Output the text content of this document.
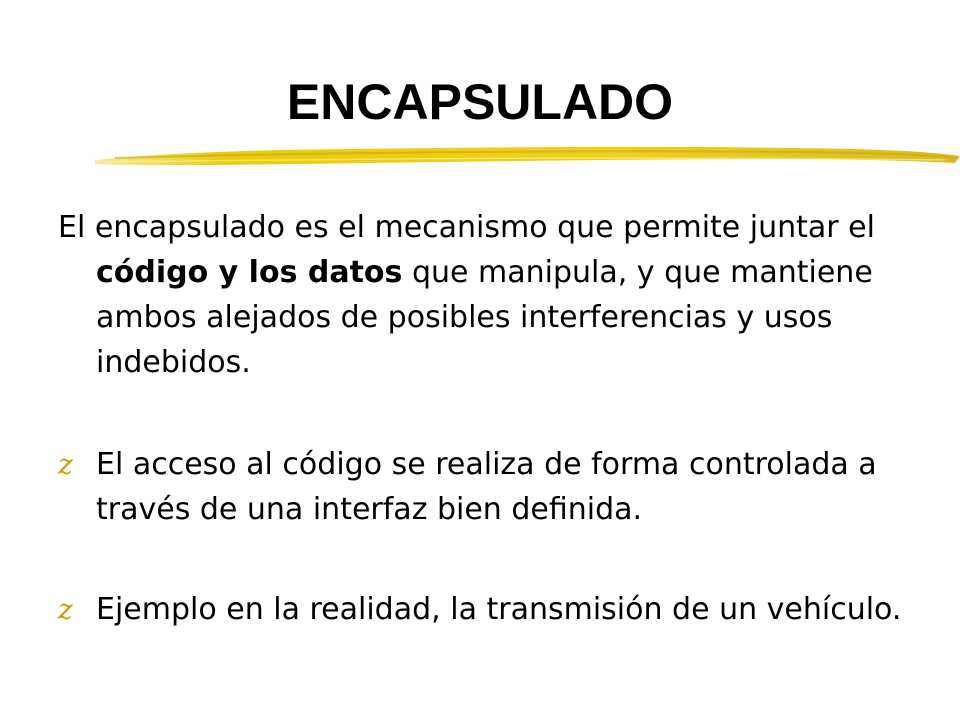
ENCAPSULADO

El encapsulado es el mecanismo que permite juntar el código y los datos que manipula, y que mantiene ambos alejados de posibles interferencias y usos indebidos.

z El acceso al código se realiza de forma controlada a través de una interfaz bien definida.

z Ejemplo en la realidad, la transmisión de un vehículo.
